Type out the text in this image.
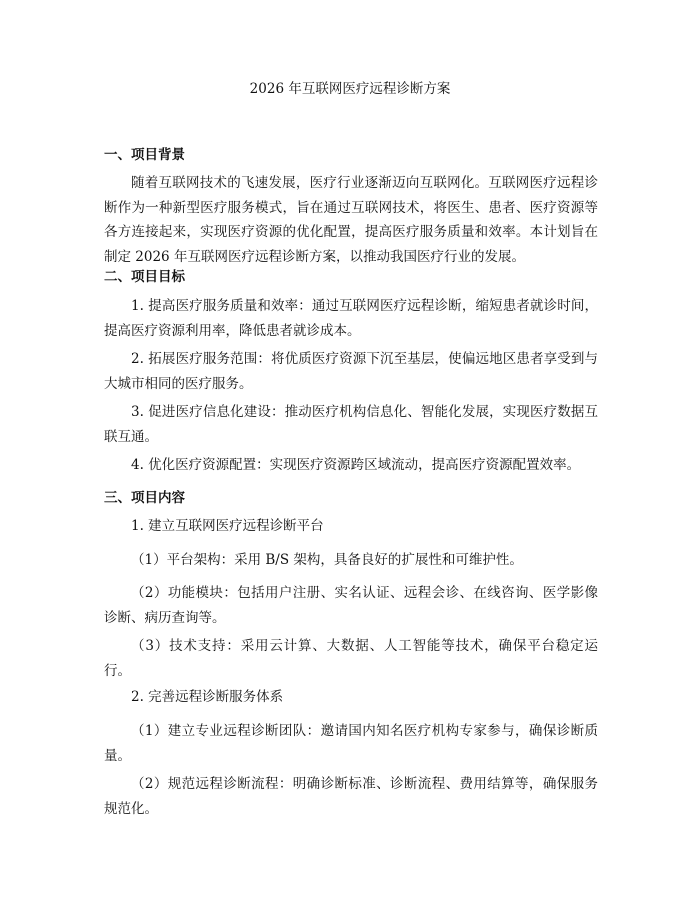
2026 年互联网医疗远程诊断方案
一、项目背景
随着互联网技术的飞速发展，医疗行业逐渐迈向互联网化。互联网医疗远程诊断作为一种新型医疗服务模式，旨在通过互联网技术，将医生、患者、医疗资源等各方连接起来，实现医疗资源的优化配置，提高医疗服务质量和效率。本计划旨在制定 2026 年互联网医疗远程诊断方案，以推动我国医疗行业的发展。
二、项目目标
1. 提高医疗服务质量和效率：通过互联网医疗远程诊断，缩短患者就诊时间，提高医疗资源利用率，降低患者就诊成本。
2. 拓展医疗服务范围：将优质医疗资源下沉至基层，使偏远地区患者享受到与大城市相同的医疗服务。
3. 促进医疗信息化建设：推动医疗机构信息化、智能化发展，实现医疗数据互联互通。
4. 优化医疗资源配置：实现医疗资源跨区域流动，提高医疗资源配置效率。
三、项目内容
1. 建立互联网医疗远程诊断平台
（1）平台架构：采用 B/S 架构，具备良好的扩展性和可维护性。
（2）功能模块：包括用户注册、实名认证、远程会诊、在线咨询、医学影像诊断、病历查询等。
（3）技术支持：采用云计算、大数据、人工智能等技术，确保平台稳定运行。
2. 完善远程诊断服务体系
（1）建立专业远程诊断团队：邀请国内知名医疗机构专家参与，确保诊断质量。
（2）规范远程诊断流程：明确诊断标准、诊断流程、费用结算等，确保服务规范化。
